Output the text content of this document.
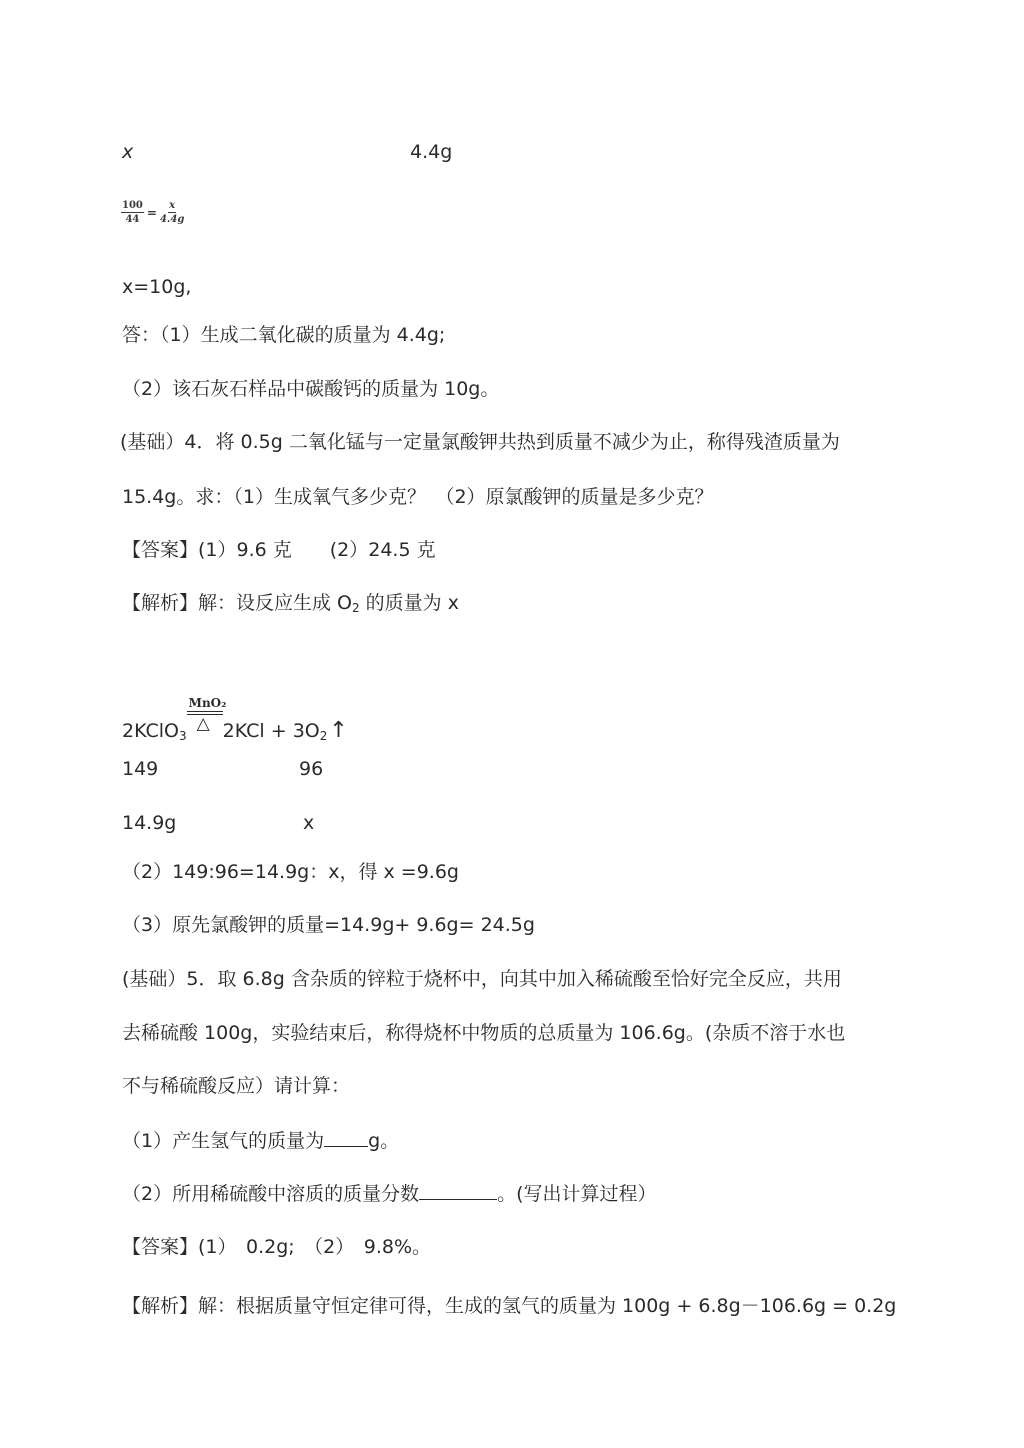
x	4.4g
$\frac{100}{44} = \frac{x}{4.4g}$
x=10g,
答：（1）生成二氧化碳的质量为 4.4g;
（2）该石灰石样品中碳酸钙的质量为 10g。
(基础）4．将 0.5g 二氧化锰与一定量氯酸钾共热到质量不减少为止，称得残渣质量为
15.4g。求：（1）生成氧气多少克？　（2）原氯酸钾的质量是多少克？
【答案】(1）9.6 克　　(2）24.5 克
【解析】解：设反应生成 $O_2$ 的质量为 x
2KClO$_3$
MnO₂
△ $2KCl + 3O_2↑$
149	96
14.9g	x
（2）149:96=14.9g：x，得 x =9.6g
（3）原先氯酸钾的质量=14.9g+ 9.6g= 24.5g
(基础）5．取 6.8g 含杂质的锌粒于烧杯中，向其中加入稀硫酸至恰好完全反应，共用
去稀硫酸 100g，实验结束后，称得烧杯中物质的总质量为 106.6g。(杂质不溶于水也
不与稀硫酸反应）请计算：
（1）产生氢气的质量为 g。
（2）所用稀硫酸中溶质的质量分数	。(写出计算过程）
【答案】(1）　0.2g;　（2）　9.8%。
【解析】解：根据质量守恒定律可得，生成的氢气的质量为 100g + 6.8g－106.6g = 0.2g
